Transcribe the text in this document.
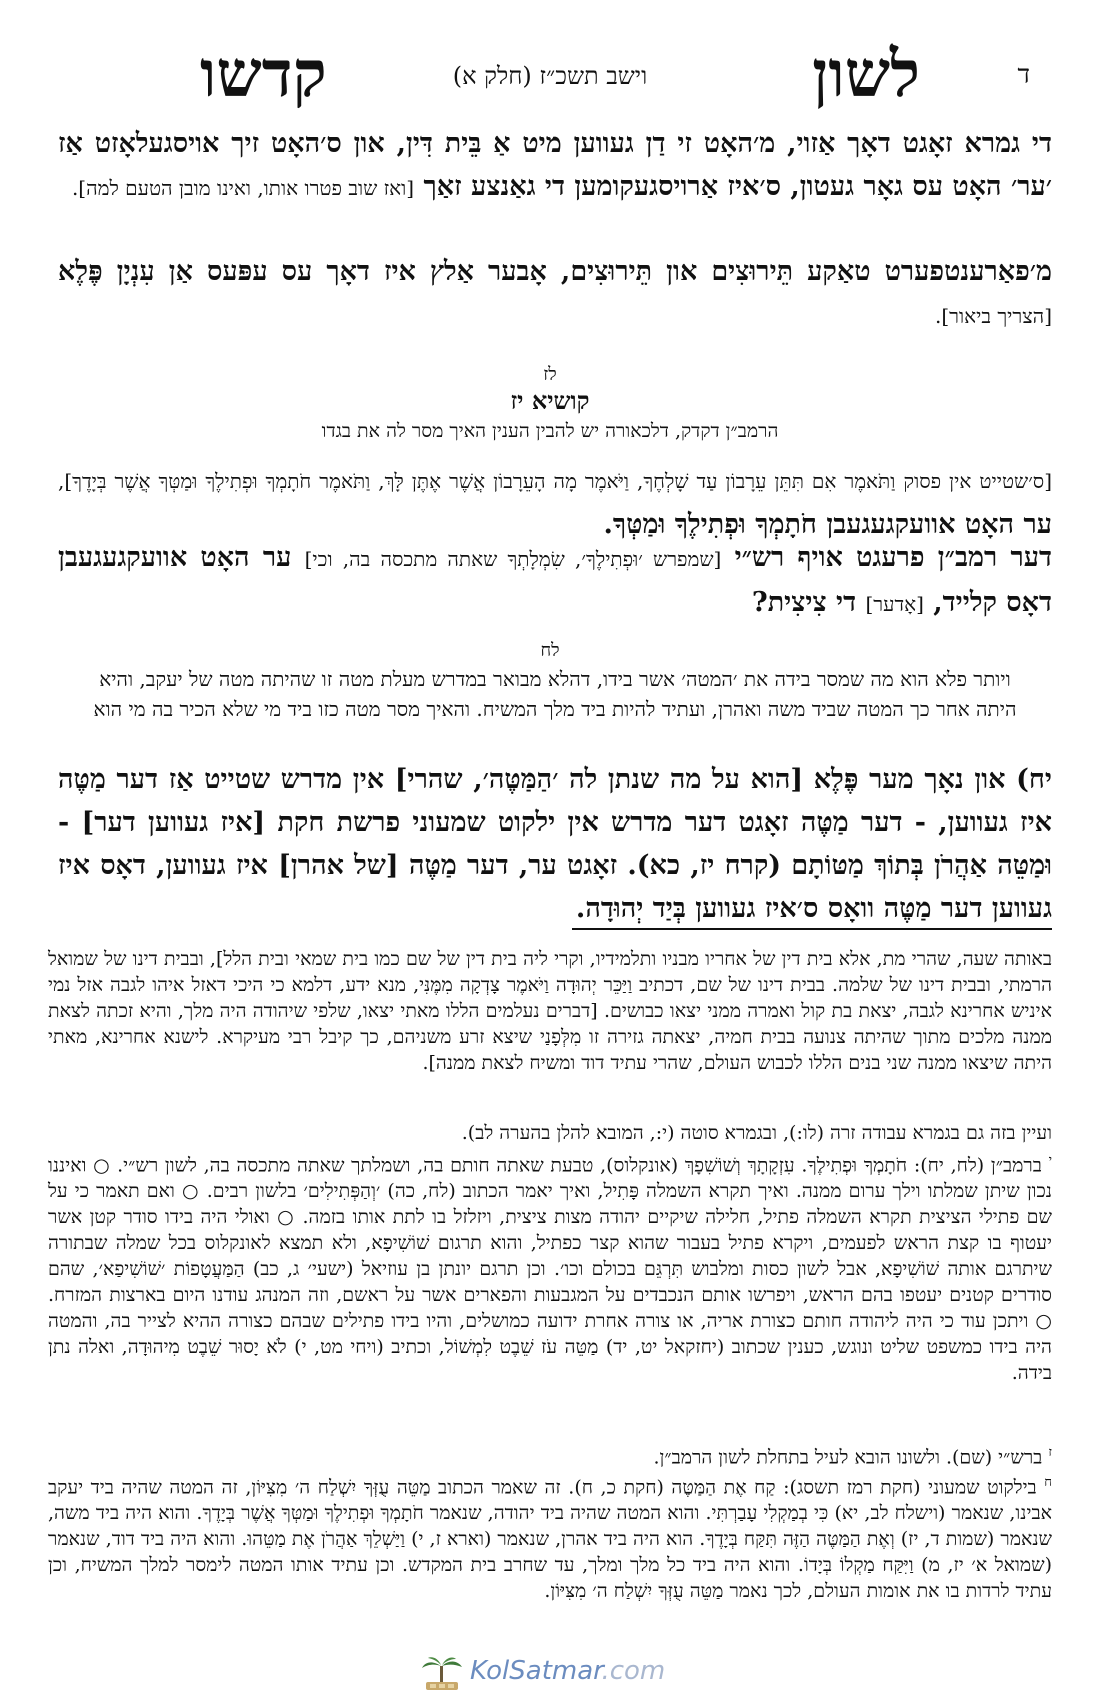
ד
לשון
וישב תשכ״ז (חלק א)
קדשו
די גמרא זאָגט דאָך אַזוי, מ׳האָט זי דַן געווען מיט אַ בֵּית דִּין, און ס׳האָט זיך אויסגעלאָזט אַז ׳ער׳ האָט עס גאָר געטון, ס׳איז אַרויסגעקומען די גאַנצע זאַך [ואז שוב פטרו אותו, ואינו מובן הטעם למה].
מ׳פאַרענטפערט טאַקע תֵּירוּצִים און תֵּירוּצִים, אָבער אַלץ איז דאָך עס עפּעס אַן עִנְיָן פֶּלֶא [הצריך ביאור].
לז
קושיא יז
הרמב״ן דקדק, דלכאורה יש להבין הענין האיך מסר לה את בגדו
[ס׳שטייט אין פסוק וַתֹּאמֶר אִם תִּתֵּן עֵרָבוֹן עַד שָׁלְחֶךָ, וַיֹּאמֶר מָה הָעֵרָבוֹן אֲשֶׁר אֶתֶּן לָּךְ, וַתֹּאמֶר חֹתָמְךָ וּפְתִילֶךָ וּמַטְּךָ אֲשֶׁר בְּיָדֶךָ], ער האָט אוועקגעגעבן חֹתָמְךָ וּפְתִילֶךָ וּמַטְּךָ.
דער רמב״ן פרעגט אויף רש״י [שמפרש ׳וּפְתִילֶךָ׳, שִׂמְלָתְךָ שאתה מתכסה בה, וכי] ער האָט אוועקגעגעבן דאָס קלייד, [אָדער] די צִיצִית?
לח
ויותר פלא הוא מה שמסר בידה את ׳המטה׳ אשר בידו, דהלא מבואר במדרש מעלת מטה זו שהיתה מטה של יעקב, והיא היתה אחר כך המטה שביד משה ואהרן, ועתיד להיות ביד מלך המשיח. והאיך מסר מטה כזו ביד מי שלא הכיר בה מי הוא
יח) און נאָך מער פֶּלֶא [הוא על מה שנתן לה ׳הַמַּטֶּה׳, שהרי] אין מדרש שטייט אַז דער מַטֶּה איז געווען, - דער מַטֶּה זאָגט דער מדרש אין ילקוט שמעוני פרשת חקת [איז געווען דער] - וּמַטֵּה אַהֲרֹן בְּתוֹךְ מַטּוֹתָם (קרח יז, כא). זאָגט ער, דער מַטֶּה [של אהרן] איז געווען, דאָס איז געווען דער מַטֶּה וואָס ס׳איז געווען בְּיַד יְהוּדָה.
באותה שעה, שהרי מת, אלא בית דין של אחריו מבניו ותלמידיו, וקרי ליה בית דין של שם כמו בית שמאי ובית הלל], ובבית דינו של שמואל הרמתי, ובבית דינו של שלמה. בבית דינו של שם, דכתיב וַיַּכֵּר יְהוּדָה וַיֹּאמֶר צָדְקָה מִמֶּנִּי, מנא ידע, דלמא כי היכי דאזל איהו לגבה אזל נמי איניש אחרינא לגבה, יצאת בת קול ואמרה ממני יצאו כבושים. [דברים נעלמים הללו מאתי יצאו, שלפי שיהודה היה מלך, והיא זכתה לצאת ממנה מלכים מתוך שהיתה צנועה בבית חמיה, יצאתה גזירה זו מִלְּפָנַי שיצא זרע משניהם, כך קיבל רבי מעיקרא. לישנא אחרינא, מאתי היתה שיצאו ממנה שני בנים הללו לכבוש העולם, שהרי עתיד דוד ומשיח לצאת ממנה].
ועיין בזה גם בגמרא עבודה זרה (לו:), ובגמרא סוטה (י:, המובא להלן בהערה לב).
$^י$ ברמב״ן (לח, יח): חֹתָמְךָ וּפְתִילֶךָ. עִזְקָתָךְ וְשׁוֹשִׁפָךְ (אונקלוס), טבעת שאתה חותם בה, ושמלתך שאתה מתכסה בה, לשון רש״י. ○ ואיננו נכון שיתן שמלתו וילך ערום ממנה. ואיך תקרא השמלה פָּתִיל, ואיך יאמר הכתוב (לח, כה) ׳וְהַפְּתִילִים׳ בלשון רבים. ○ ואם תאמר כי על שם פתילי הציצית תקרא השמלה פתיל, חלילה שיקיים יהודה מצות ציצית, ויזלזל בו לתת אותו בזמה. ○ ואולי היה בידו סודר קטן אשר יעטוף בו קצת הראש לפעמים, ויקרא פתיל בעבור שהוא קצר כפתיל, והוא תרגום שׁוֹשִׁיפָא, ולא תמצא לאונקלוס בכל שמלה שבתורה שיתרגם אותה שׁוֹשִׁיפָא, אבל לשון כסות ומלבוש תִּרְגֵּם בכולם וכו׳. וכן תרגם יונתן בן עוזיאל (ישעי׳ ג, כב) הַמַּעֲטָפוֹת ׳שׁוֹשִׁיפַא׳, שהם סודרים קטנים יעטפו בהם הראש, ויפרשו אותם הנכבדים על המגבעות והפארים אשר על ראשם, וזה המנהג עודנו היום בארצות המזרח. ○ ויתכן עוד כי היה ליהודה חותם כצורת אריה, או צורה אחרת ידועה כמושלים, והיו בידו פתילים שבהם כצורה ההיא לצייר בה, והמטה היה בידו כמשפט שליט ונוגש, כענין שכתוב (יחזקאל יט, יד) מַטֵּה עֹז שֵׁבֶט לִמְשׁוֹל, וכתיב (ויחי מט, י) לֹא יָסוּר שֵׁבֶט מִיהוּדָה, ואלה נתן בידה.
$^ז$ ברש״י (שם). ולשונו הובא לעיל בתחלת לשון הרמב״ן.
$^ח$ בילקוט שמעוני (חקת רמז תשסג): קַח אֶת הַמַּטֶּה (חקת כ, ח). זה שאמר הכתוב מַטֵּה עֻזְּךָ יִשְׁלַח ה׳ מִצִּיּוֹן, זה המטה שהיה ביד יעקב אבינו, שנאמר (וישלח לב, יא) כִּי בְמַקְלִי עָבַרְתִּי. והוא המטה שהיה ביד יהודה, שנאמר חֹתָמְךָ וּפְתִילֶךָ וּמַטְּךָ אֲשֶׁר בְּיָדֶךָ. והוא היה ביד משה, שנאמר (שמות ד, יז) וְאֶת הַמַּטֶּה הַזֶּה תִּקַּח בְּיָדֶךָ. הוא היה ביד אהרן, שנאמר (וארא ז, י) וַיַּשְׁלֵךְ אַהֲרֹן אֶת מַטֵּהוּ. והוא היה ביד דוד, שנאמר (שמואל א׳ יז, מ) וַיִּקַּח מַקְלוֹ בְּיָדוֹ. והוא היה ביד כל מלך ומלך, עד שחרב בית המקדש. וכן עתיד אותו המטה לימסר למלך המשיח, וכן עתיד לרדות בו את אומות העולם, לכך נאמר מַטֵּה עֻזְּךָ יִשְׁלַח ה׳ מִצִּיּוֹן.
KolSatmar.com
